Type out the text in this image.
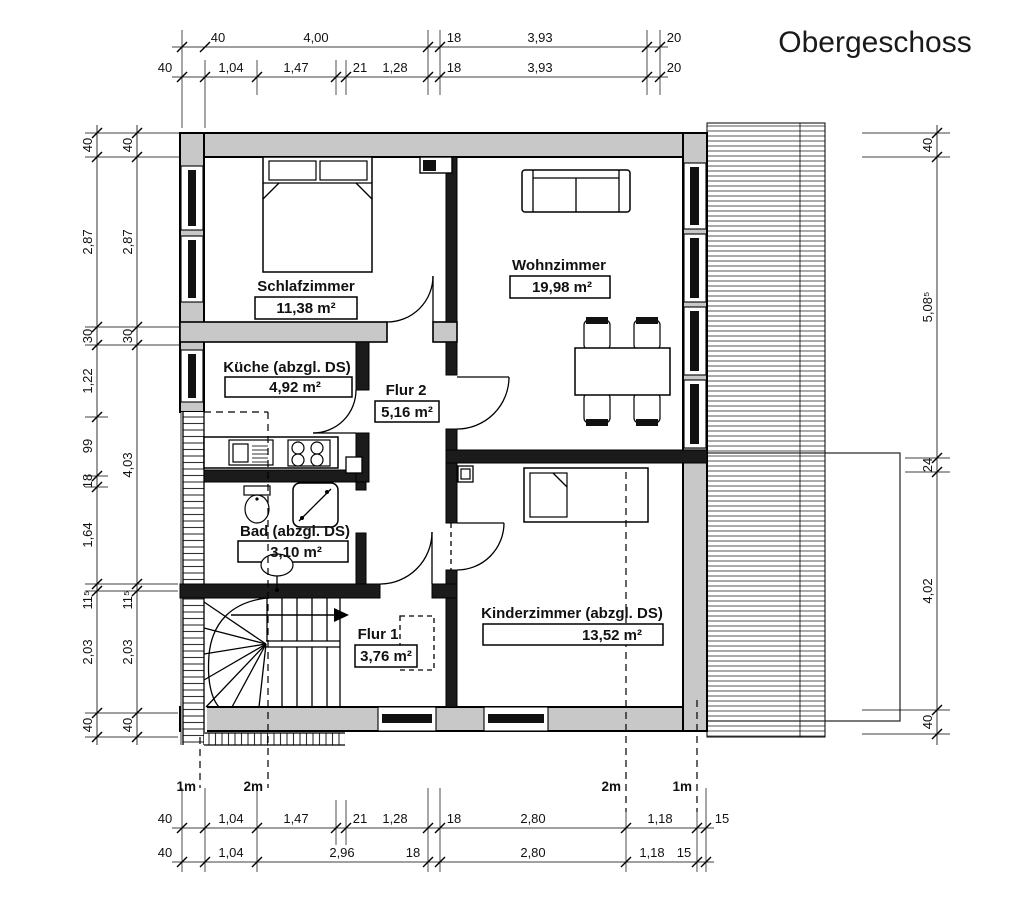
Bad (abzgl. DS)
3,10 m²
1m	2m	2m	1m
Schlafzimmer
11,38 m²
Wohnzimmer
19,98 m²
Küche (abzgl. DS)
4,92 m²	Flur 2
5,16 m²
Flur 1
3,76 m²
Kinderzimmer (abzgl. DS)
13,52 m²
40	4,00	18	3,93	20
40	1,04	1,47	21 1,28	18	3,93	20
40	1,04	1,47	21 1,28	18	2,80	1,18	15
40	1,04	2,96	18	2,80	1,18 15
40
2,87
30
1,22
99
18
1,64
11⁵
2,03
40
40
2,87
30
4,03
11⁵
2,03
40
40
5,08⁵
24
4,02
40
Obergeschoss
